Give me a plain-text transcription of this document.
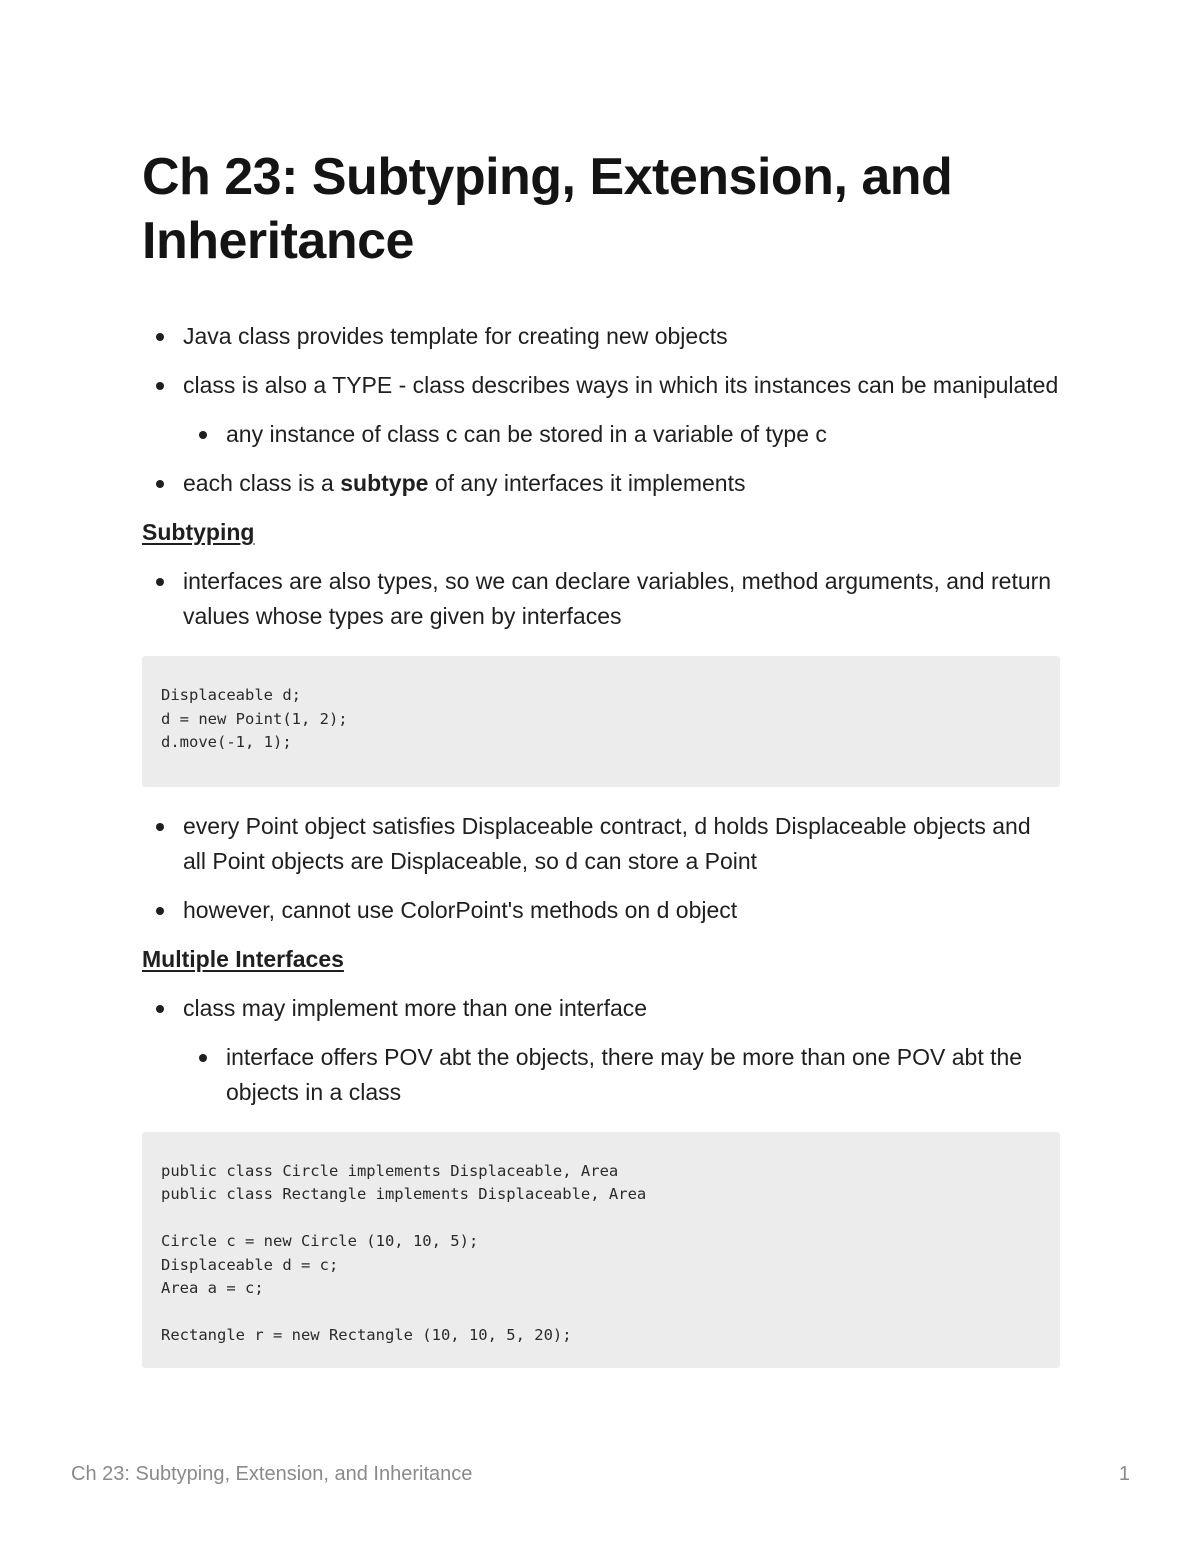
Ch 23: Subtyping, Extension, and Inheritance
Java class provides template for creating new objects
class is also a TYPE - class describes ways in which its instances can be manipulated
any instance of class c can be stored in a variable of type c
each class is a subtype of any interfaces it implements
Subtyping
interfaces are also types, so we can declare variables, method arguments, and return values whose types are given by interfaces
Displaceable d;
d = new Point(1, 2);
d.move(-1, 1);
every Point object satisfies Displaceable contract, d holds Displaceable objects and all Point objects are Displaceable, so d can store a Point
however, cannot use ColorPoint's methods on d object
Multiple Interfaces
class may implement more than one interface
interface offers POV abt the objects, there may be more than one POV abt the objects in a class
public class Circle implements Displaceable, Area
public class Rectangle implements Displaceable, Area
Circle c = new Circle (10, 10, 5);
Displaceable d = c;
Area a = c;
Rectangle r = new Rectangle (10, 10, 5, 20);
Ch 23: Subtyping, Extension, and Inheritance	1
